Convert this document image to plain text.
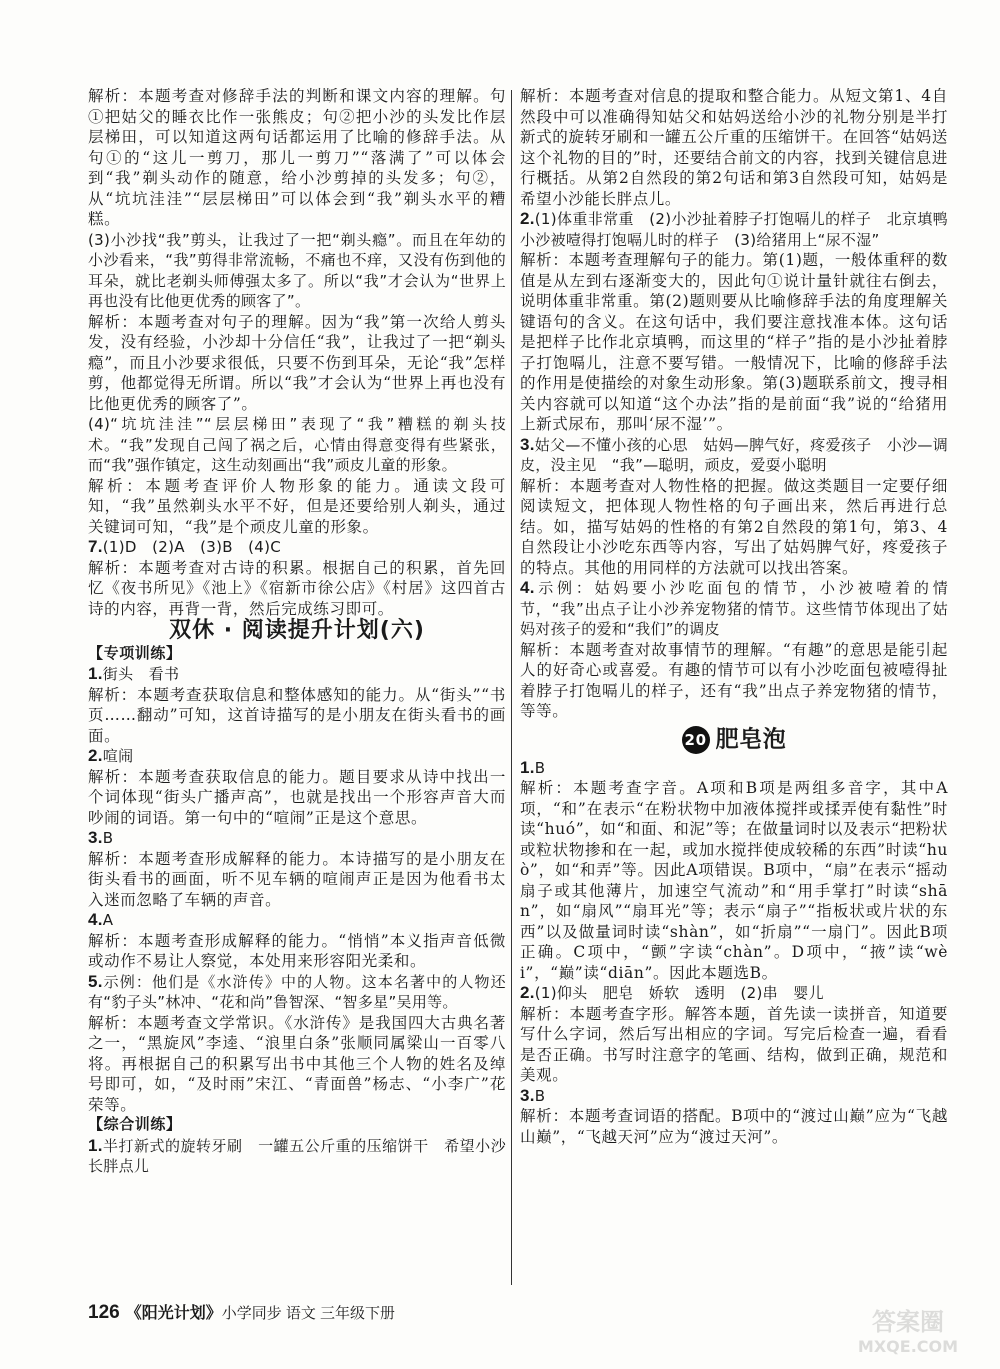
解析：本题考查对修辞手法的判断和课文内容的理解。句①把姑父的睡衣比作一张熊皮；句②把小沙的头发比作层层梯田，可以知道这两句话都运用了比喻的修辞手法。从句①的“这儿一剪刀，那儿一剪刀”“落满了”可以体会到“我”剃头动作的随意，给小沙剪掉的头发多；句②，从“坑坑洼洼”“层层梯田”可以体会到“我”剃头水平的糟糕。

(3)小沙找“我”剪头，让我过了一把“剃头瘾”。而且在年幼的小沙看来，“我”剪得非常流畅，不痛也不痒，又没有伤到他的耳朵，就比老剃头师傅强太多了。所以“我”才会认为“世界上再也没有比他更优秀的顾客了”。

解析：本题考查对句子的理解。因为“我”第一次给人剪头发，没有经验，小沙却十分信任“我”，让我过了一把“剃头瘾”，而且小沙要求很低，只要不伤到耳朵，无论“我”怎样剪，他都觉得无所谓。所以“我”才会认为“世界上再也没有比他更优秀的顾客了”。

(4)“坑坑洼洼”“层层梯田”表现了“我”糟糕的剃头技术。“我”发现自己闯了祸之后，心情由得意变得有些紧张，而“我”强作镇定，这生动刻画出“我”顽皮儿童的形象。

解析：本题考查评价人物形象的能力。通读文段可知，“我”虽然剃头水平不好，但是还要给别人剃头，通过关键词可知，“我”是个顽皮儿童的形象。

7.(1)D　(2)A　(3)B　(4)C

解析：本题考查对古诗的积累。根据自己的积累，首先回忆《夜书所见》《池上》《宿新市徐公店》《村居》这四首古诗的内容，再背一背，然后完成练习即可。

双休 · 阅读提升计划(六)

【专项训练】

1.街头　看书

解析：本题考查获取信息和整体感知的能力。从“街头”“书页……翻动”可知，这首诗描写的是小朋友在街头看书的画面。

2.喧闹

解析：本题考查获取信息的能力。题目要求从诗中找出一个词体现“街头广播声高”，也就是找出一个形容声音大而吵闹的词语。第一句中的“喧闹”正是这个意思。

3.B

解析：本题考查形成解释的能力。本诗描写的是小朋友在街头看书的画面，听不见车辆的喧闹声正是因为他看书太入迷而忽略了车辆的声音。

4.A

解析：本题考查形成解释的能力。“悄悄”本义指声音低微或动作不易让人察觉，本处用来形容阳光柔和。

5.示例：他们是《水浒传》中的人物。这本名著中的人物还有“豹子头”林冲、“花和尚”鲁智深、“智多星”吴用等。

解析：本题考查文学常识。《水浒传》是我国四大古典名著之一，“黑旋风”李逵、“浪里白条”张顺同属梁山一百零八将。再根据自己的积累写出书中其他三个人物的姓名及绰号即可，如，“及时雨”宋江、“青面兽”杨志、“小李广”花荣等。

【综合训练】

1.半打新式的旋转牙刷　一罐五公斤重的压缩饼干　希望小沙长胖点儿

解析：本题考查对信息的提取和整合能力。从短文第1、4自然段中可以准确得知姑父和姑妈送给小沙的礼物分别是半打新式的旋转牙刷和一罐五公斤重的压缩饼干。在回答“姑妈送这个礼物的目的”时，还要结合前文的内容，找到关键信息进行概括。从第2自然段的第2句话和第3自然段可知，姑妈是希望小沙能长胖点儿。

2.(1)体重非常重　(2)小沙扯着脖子打饱嗝儿的样子　北京填鸭　小沙被噎得打饱嗝儿时的样子　(3)给猪用上“尿不湿”

解析：本题考查理解句子的能力。第(1)题，一般体重秤的数值是从左到右逐渐变大的，因此句①说计量针就往右倒去，说明体重非常重。第(2)题则要从比喻修辞手法的角度理解关键语句的含义。在这句话中，我们要注意找准本体。这句话是把样子比作北京填鸭，而这里的“样子”指的是小沙扯着脖子打饱嗝儿，注意不要写错。一般情况下，比喻的修辞手法的作用是使描绘的对象生动形象。第(3)题联系前文，搜寻相关内容就可以知道“这个办法”指的是前面“我”说的“给猪用上新式尿布，那叫‘尿不湿’”。

3.姑父—不懂小孩的心思　姑妈—脾气好，疼爱孩子　小沙—调皮，没主见　“我”—聪明，顽皮，爱耍小聪明

解析：本题考查对人物性格的把握。做这类题目一定要仔细阅读短文，把体现人物性格的句子画出来，然后再进行总结。如，描写姑妈的性格的有第2自然段的第1句，第3、4自然段让小沙吃东西等内容，写出了姑妈脾气好，疼爱孩子的特点。其他的用同样的方法就可以找出答案。

4.示例：姑妈要小沙吃面包的情节，小沙被噎着的情节，“我”出点子让小沙养宠物猪的情节。这些情节体现出了姑妈对孩子的爱和“我们”的调皮

解析：本题考查对故事情节的理解。“有趣”的意思是能引起人的好奇心或喜爱。有趣的情节可以有小沙吃面包被噎得扯着脖子打饱嗝儿的样子，还有“我”出点子养宠物猪的情节，等等。

20 肥皂泡

1.B

解析：本题考查字音。A项和B项是两组多音字，其中A项，“和”在表示“在粉状物中加液体搅拌或揉弄使有黏性”时读“huó”，如“和面、和泥”等；在做量词时以及表示“把粉状或粒状物掺和在一起，或加水搅拌使成较稀的东西”时读“huò”，如“和弄”等。因此A项错误。B项中，“扇”在表示“摇动扇子或其他薄片，加速空气流动”和“用手掌打”时读“shān”，如“扇风”“扇耳光”等；表示“扇子”“指板状或片状的东西”以及做量词时读“shàn”，如“折扇”“一扇门”。因此B项正确。C项中，“颤”字读“chàn”。D项中，“掖”读“wèi”，“巅”读“diān”。因此本题选B。

2.(1)仰头　肥皂　娇软　透明　(2)串　婴儿

解析：本题考查字形。解答本题，首先读一读拼音，知道要写什么字词，然后写出相应的字词。写完后检查一遍，看看是否正确。书写时注意字的笔画、结构，做到正确，规范和美观。

3.B

解析：本题考查词语的搭配。B项中的“渡过山巅”应为“飞越山巅”，“飞越天河”应为“渡过天河”。

126 《阳光计划》小学同步 语文 三年级下册	答案圈
MXQE.COM
